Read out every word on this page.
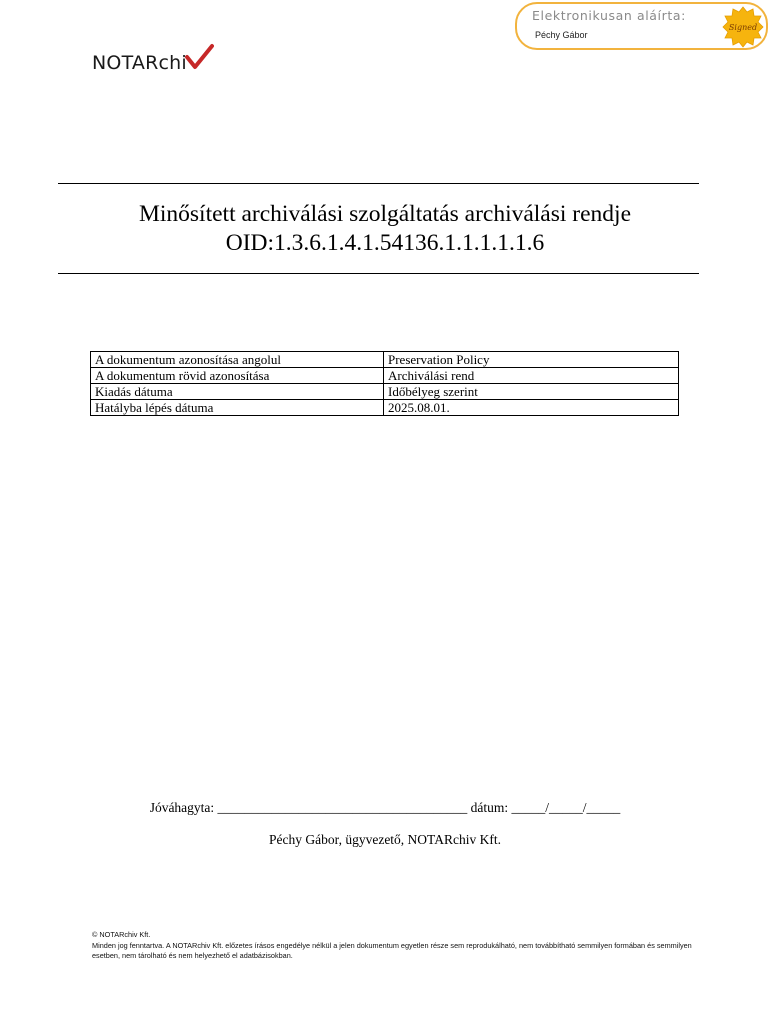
Elektronikusan aláírta:
Péchy Gábor
Signed
NOTARchi
Minősített archiválási szolgáltatás archiválási rendje
OID:1.3.6.1.4.1.54136.1.1.1.1.1.6
A dokumentum azonosítása angolul	Preservation Policy
A dokumentum rövid azonosítása	Archiválási rend
Kiadás dátuma	Időbélyeg szerint
Hatályba lépés dátuma	2025.08.01.
Jóváhagyta: _____________________________________ dátum: _____/_____/_____
Péchy Gábor, ügyvezető, NOTARchiv Kft.
© NOTARchiv Kft.
Minden jog fenntartva. A NOTARchiv Kft. előzetes írásos engedélye nélkül a jelen dokumentum egyetlen része sem reprodukálható, nem továbbítható semmilyen formában és semmilyen esetben, nem tárolható és nem helyezhető el adatbázisokban.
